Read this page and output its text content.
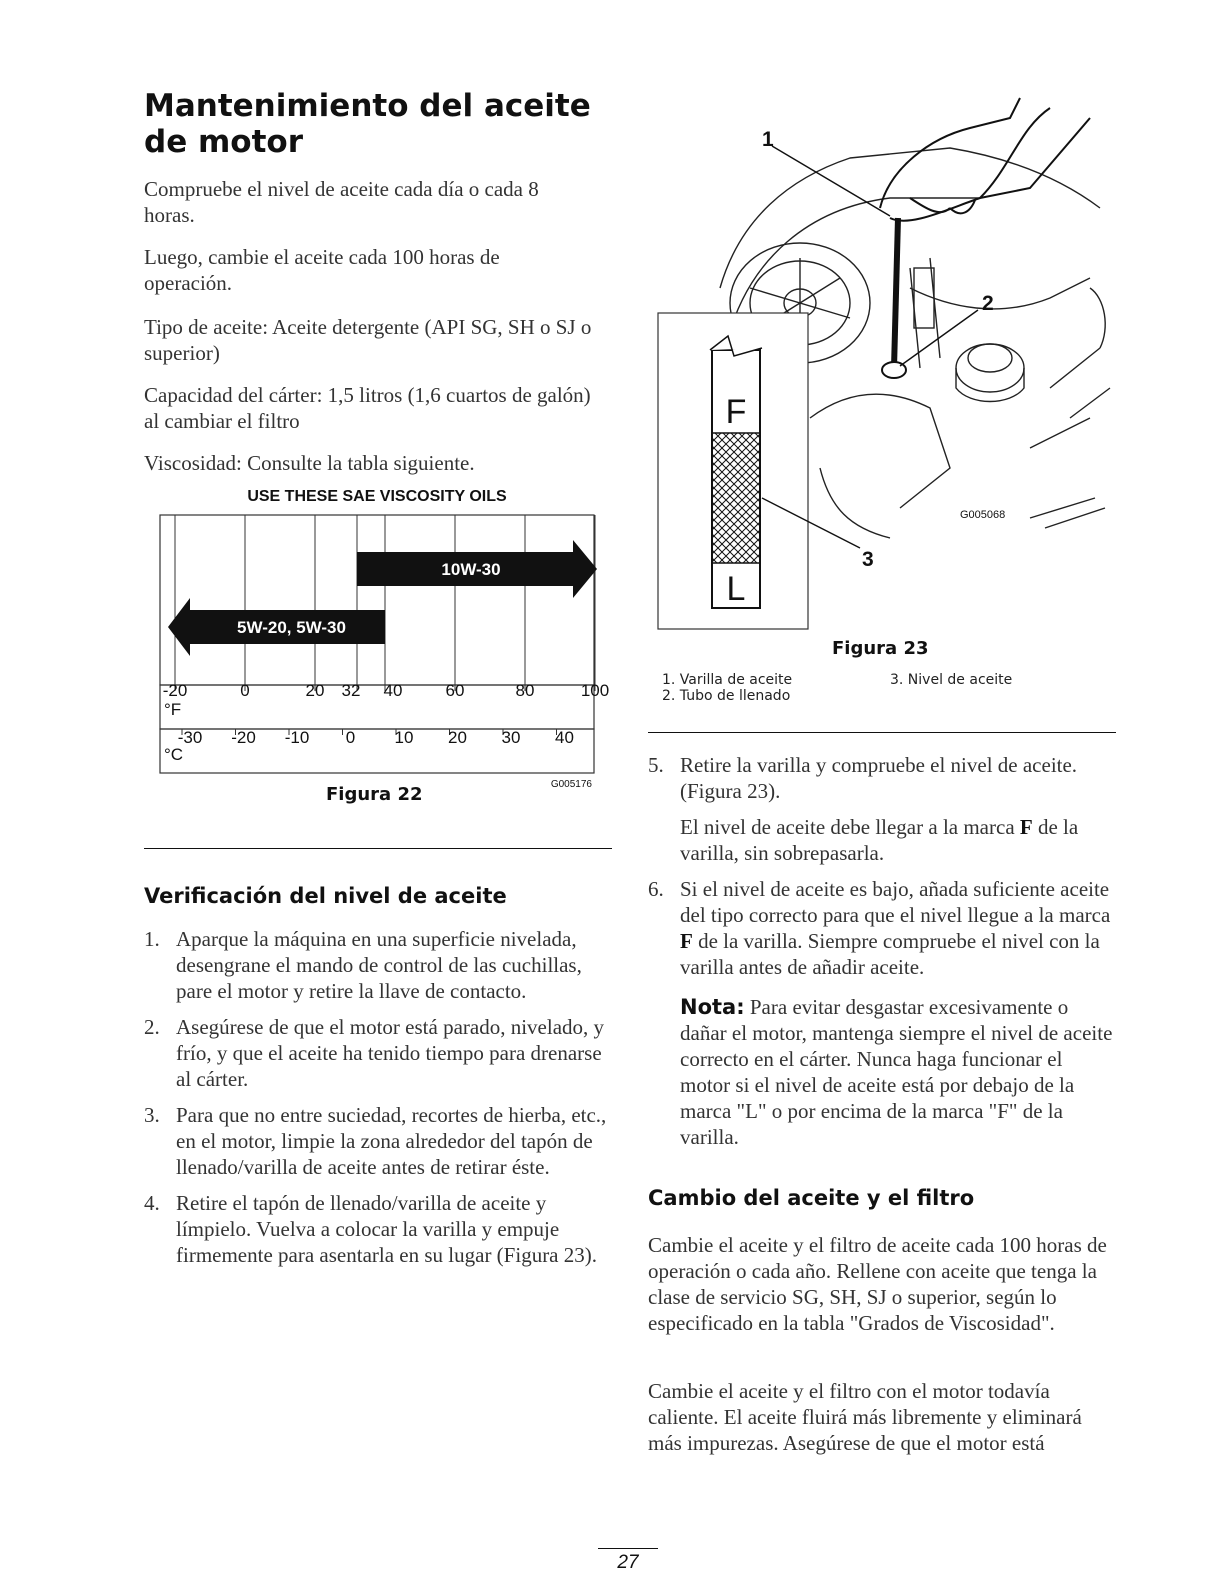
Mantenimiento del aceite
de motor

Compruebe el nivel de aceite cada día o cada 8 horas.

Luego, cambie el aceite cada 100 horas de operación.

Tipo de aceite: Aceite detergente (API SG, SH o SJ o superior)

Capacidad del cárter: 1,5 litros (1,6 cuartos de galón) al cambiar el filtro

Viscosidad: Consulte la tabla siguiente.

USE THESE SAE VISCOSITY OILS
-20	0	20 32 40	60	80	100
-30 -20 -10 0 10 20 30 40
10W-30
5W-20, 5W-30
°F
°C
G005176
Figura 22
Verificación del nivel de aceite
1. Aparque la máquina en una superficie nivelada, desengrane el mando de control de las cuchillas, pare el motor y retire la llave de contacto.
2. Asegúrese de que el motor está parado, nivelado, y frío, y que el aceite ha tenido tiempo para drenarse al cárter.
3. Para que no entre suciedad, recortes de hierba, etc., en el motor, limpie la zona alrededor del tapón de llenado/varilla de aceite antes de retirar éste.
4. Retire el tapón de llenado/varilla de aceite y límpielo. Vuelva a colocar la varilla y empuje firmemente para asentarla en su lugar (Figura 23).
F
L
1
2
3
G005068
Figura 23
1. Varilla de aceite
2. Tubo de llenado
3. Nivel de aceite
5. Retire la varilla y compruebe el nivel de aceite. (Figura 23).
El nivel de aceite debe llegar a la marca F de la varilla, sin sobrepasarla.
6. Si el nivel de aceite es bajo, añada suficiente aceite del tipo correcto para que el nivel llegue a la marca F de la varilla. Siempre compruebe el nivel con la varilla antes de añadir aceite.
Nota: Para evitar desgastar excesivamente o dañar el motor, mantenga siempre el nivel de aceite correcto en el cárter. Nunca haga funcionar el motor si el nivel de aceite está por debajo de la marca "L" o por encima de la marca "F" de la varilla.
Cambio del aceite y el filtro

Cambie el aceite y el filtro de aceite cada 100 horas de operación o cada año. Rellene con aceite que tenga la clase de servicio SG, SH, SJ o superior, según lo especificado en la tabla "Grados de Viscosidad".

Cambie el aceite y el filtro con el motor todavía caliente. El aceite fluirá más libremente y eliminará más impurezas. Asegúrese de que el motor está

27
